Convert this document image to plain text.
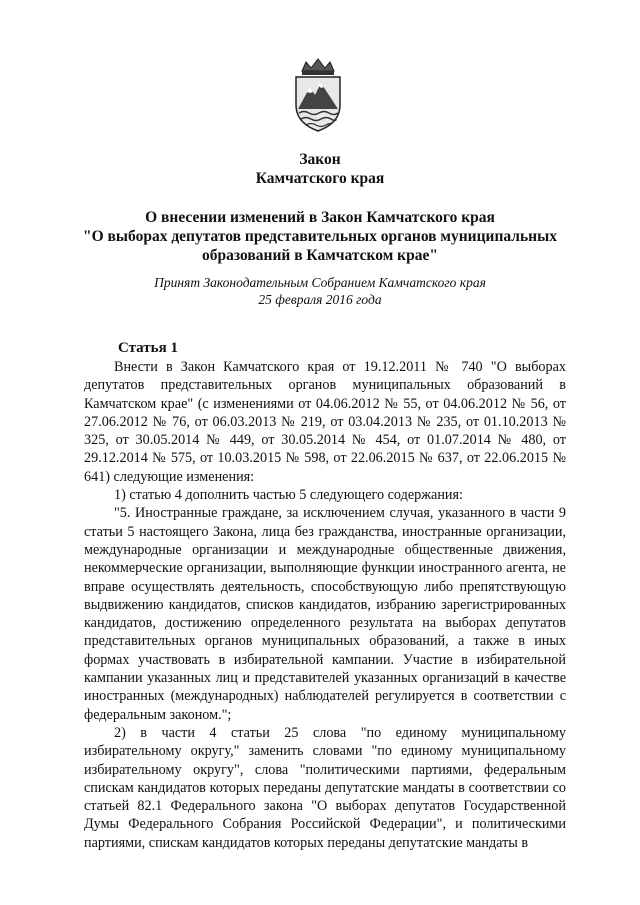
Закон
Камчатского края
О внесении изменений в Закон Камчатского края
"О выборах депутатов представительных органов муниципальных
образований в Камчатском крае"
Принят Законодательным Собранием Камчатского края
25 февраля 2016 года
Статья 1

Внести в Закон Камчатского края от 19.12.2011 № 740 "О выборах депутатов представительных органов муниципальных образований в Камчатском крае" (с изменениями от 04.06.2012 № 55, от 04.06.2012 № 56, от 27.06.2012 № 76, от 06.03.2013 № 219, от 03.04.2013 № 235, от 01.10.2013 № 325, от 30.05.2014 № 449, от 30.05.2014 № 454, от 01.07.2014 № 480, от 29.12.2014 № 575, от 10.03.2015 № 598, от 22.06.2015 № 637, от 22.06.2015 № 641) следующие изменения:

1) статью 4 дополнить частью 5 следующего содержания:

"5. Иностранные граждане, за исключением случая, указанного в части 9 статьи 5 настоящего Закона, лица без гражданства, иностранные организации, международные организации и международные общественные движения, некоммерческие организации, выполняющие функции иностранного агента, не вправе осуществлять деятельность, способствующую либо препятствующую выдвижению кандидатов, списков кандидатов, избранию зарегистрированных кандидатов, достижению определенного результата на выборах депутатов представительных органов муниципальных образований, а также в иных формах участвовать в избирательной кампании. Участие в избирательной кампании указанных лиц и представителей указанных организаций в качестве иностранных (международных) наблюдателей регулируется в соответствии с федеральным законом.";

2) в части 4 статьи 25 слова "по единому муниципальному избирательному округу," заменить словами "по единому муниципальному избирательному округу", слова "политическими партиями, федеральным спискам кандидатов которых переданы депутатские мандаты в соответствии со статьей 82.1 Федерального закона "О выборах депутатов Государственной Думы Федерального Собрания Российской Федерации", и политическими партиями, спискам кандидатов которых переданы депутатские мандаты в
